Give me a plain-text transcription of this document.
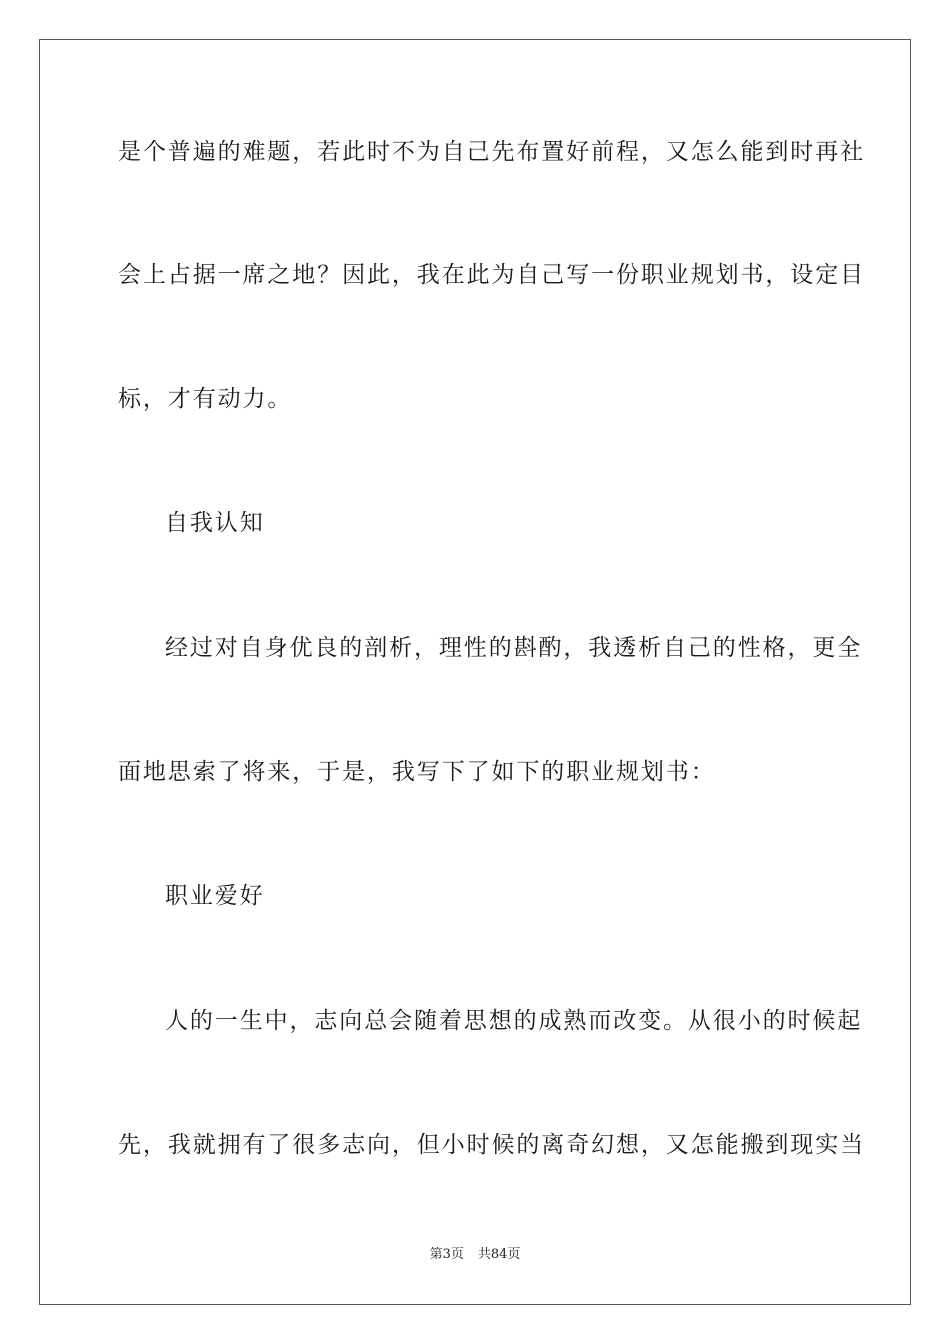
是个普遍的难题，若此时不为自己先布置好前程，又怎么能到时再社
会上占据一席之地？因此，我在此为自己写一份职业规划书，设定目
标，才有动力。
自我认知
经过对自身优良的剖析，理性的斟酌，我透析自己的性格，更全
面地思索了将来，于是，我写下了如下的职业规划书：
职业爱好
人的一生中，志向总会随着思想的成熟而改变。从很小的时候起
先，我就拥有了很多志向，但小时候的离奇幻想，又怎能搬到现实当
第3页 共84页
